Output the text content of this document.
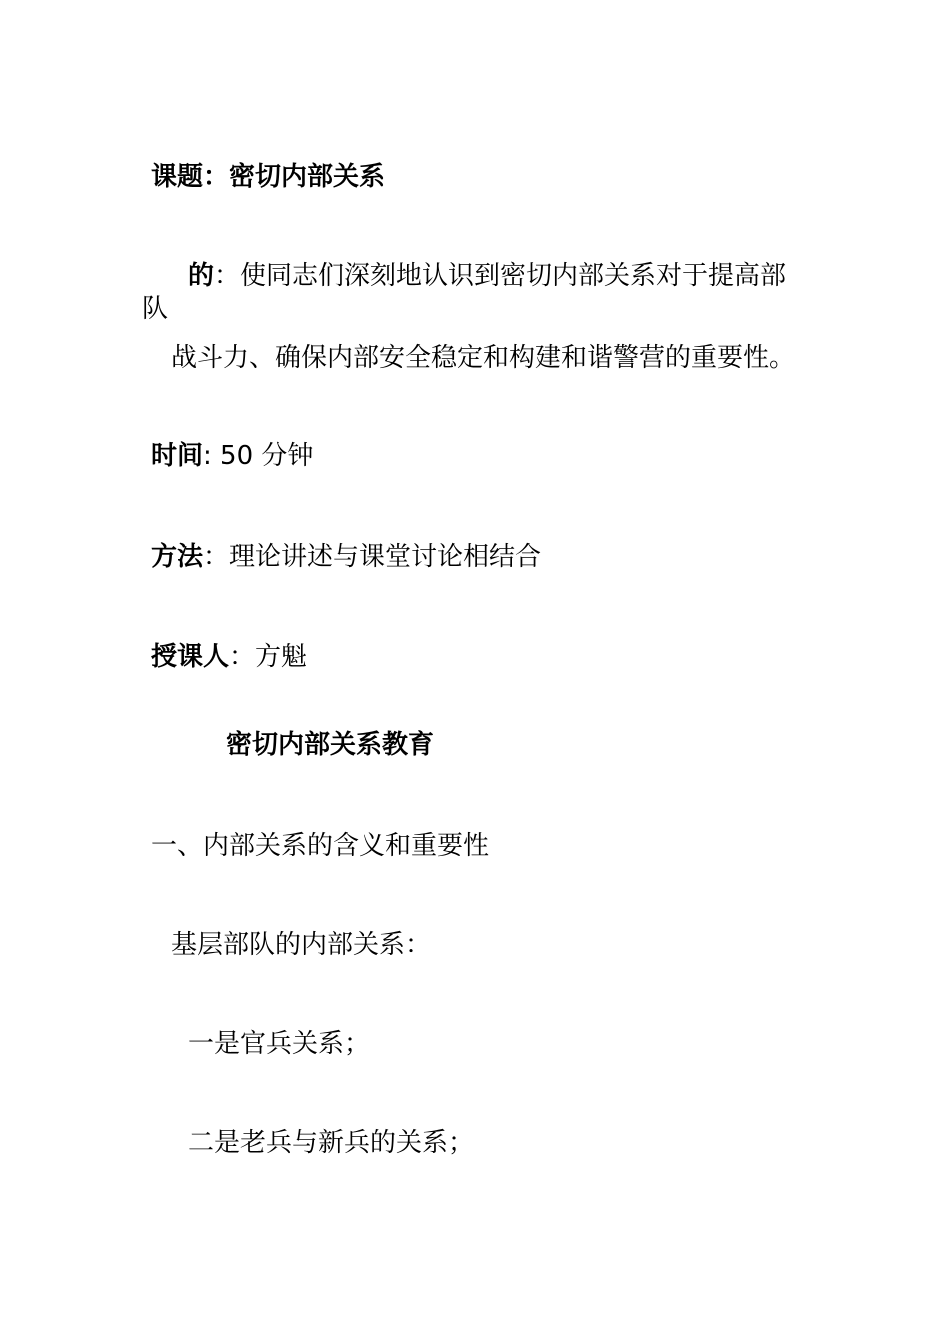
课题：密切内部关系
的：使同志们深刻地认识到密切内部关系对于提高部
队
战斗力、确保内部安全稳定和构建和谐警营的重要性。
时间: 50 分钟
方法：理论讲述与课堂讨论相结合
授课人：方魁
密切内部关系教育
一、内部关系的含义和重要性
基层部队的内部关系：
一是官兵关系；
二是老兵与新兵的关系；
